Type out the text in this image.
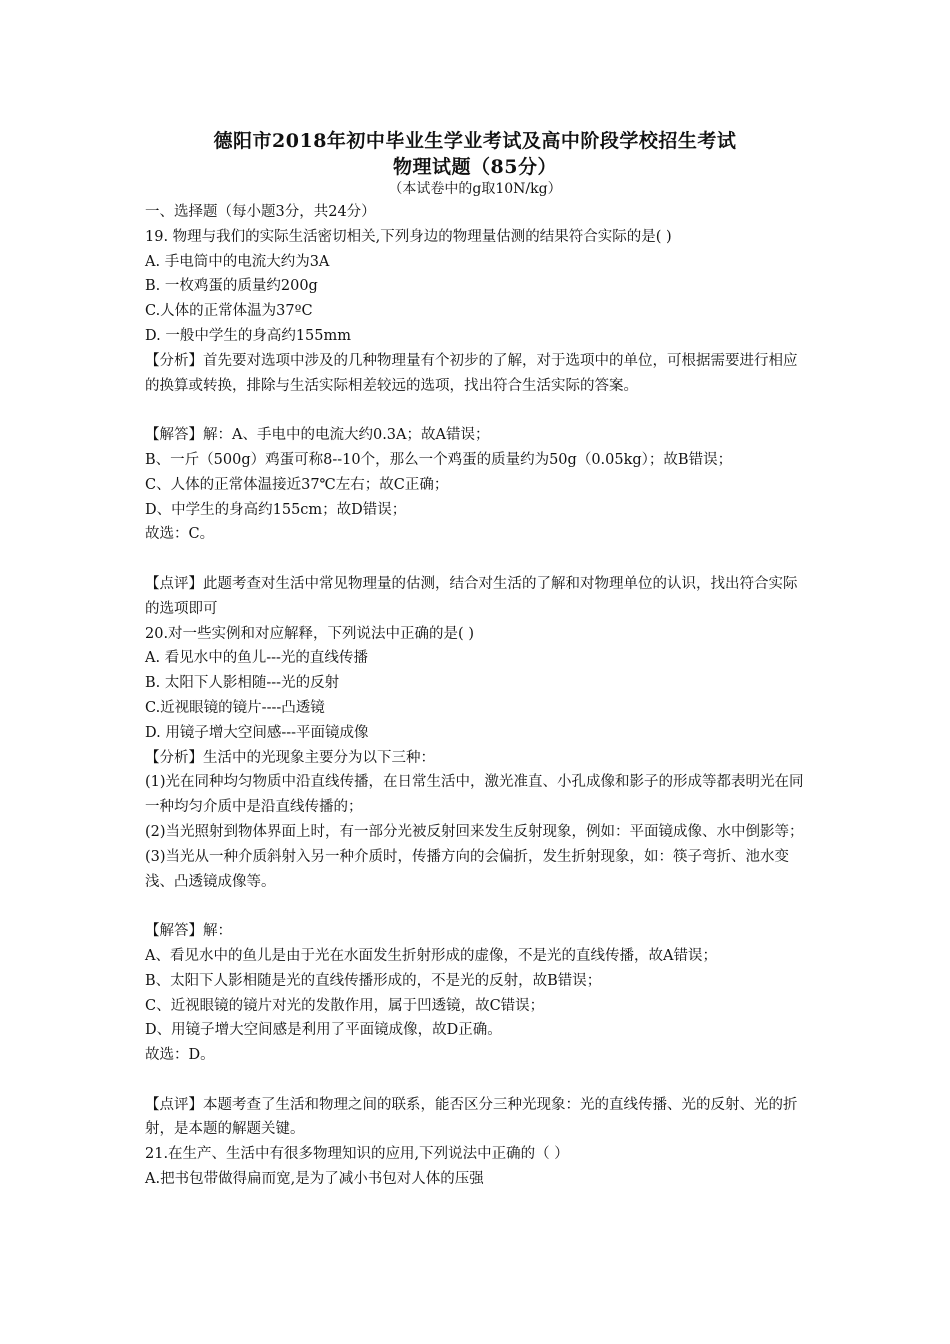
德阳市2018年初中毕业生学业考试及高中阶段学校招生考试
物理试题（85分）
（本试卷中的g取10N/kg）
一、选择题（每小题3分，共24分）
19. 物理与我们的实际生活密切相关,下列身边的物理量估测的结果符合实际的是( )
A. 手电筒中的电流大约为3A
B. 一枚鸡蛋的质量约200g
C.人体的正常体温为37ºC
D. 一般中学生的身高约155mm
【分析】首先要对选项中涉及的几种物理量有个初步的了解，对于选项中的单位，可根据需要进行相应的换算或转换，排除与生活实际相差较远的选项，找出符合生活实际的答案。
【解答】解：A、手电中的电流大约0.3A；故A错误；
B、一斤（500g）鸡蛋可称8--10个，那么一个鸡蛋的质量约为50g（0.05kg）；故B错误；
C、人体的正常体温接近37℃左右；故C正确；
D、中学生的身高约155cm；故D错误；
故选：C。
【点评】此题考查对生活中常见物理量的估测，结合对生活的了解和对物理单位的认识，找出符合实际的选项即可
20.对一些实例和对应解释，下列说法中正确的是( )
A. 看见水中的鱼儿---光的直线传播
B. 太阳下人影相随---光的反射
C.近视眼镜的镜片----凸透镜
D. 用镜子增大空间感---平面镜成像
【分析】生活中的光现象主要分为以下三种：
(1)光在同种均匀物质中沿直线传播，在日常生活中，激光准直、小孔成像和影子的形成等都表明光在同一种均匀介质中是沿直线传播的；
(2)当光照射到物体界面上时，有一部分光被反射回来发生反射现象，例如：平面镜成像、水中倒影等；
(3)当光从一种介质斜射入另一种介质时，传播方向的会偏折，发生折射现象，如：筷子弯折、池水变浅、凸透镜成像等。
【解答】解：
A、看见水中的鱼儿是由于光在水面发生折射形成的虚像，不是光的直线传播，故A错误；
B、太阳下人影相随是光的直线传播形成的，不是光的反射，故B错误；
C、近视眼镜的镜片对光的发散作用，属于凹透镜，故C错误；
D、用镜子增大空间感是利用了平面镜成像，故D正确。
故选：D。
【点评】本题考查了生活和物理之间的联系，能否区分三种光现象：光的直线传播、光的反射、光的折射，是本题的解题关键。
21.在生产、生活中有很多物理知识的应用,下列说法中正确的（ ）
A.把书包带做得扁而宽,是为了减小书包对人体的压强
